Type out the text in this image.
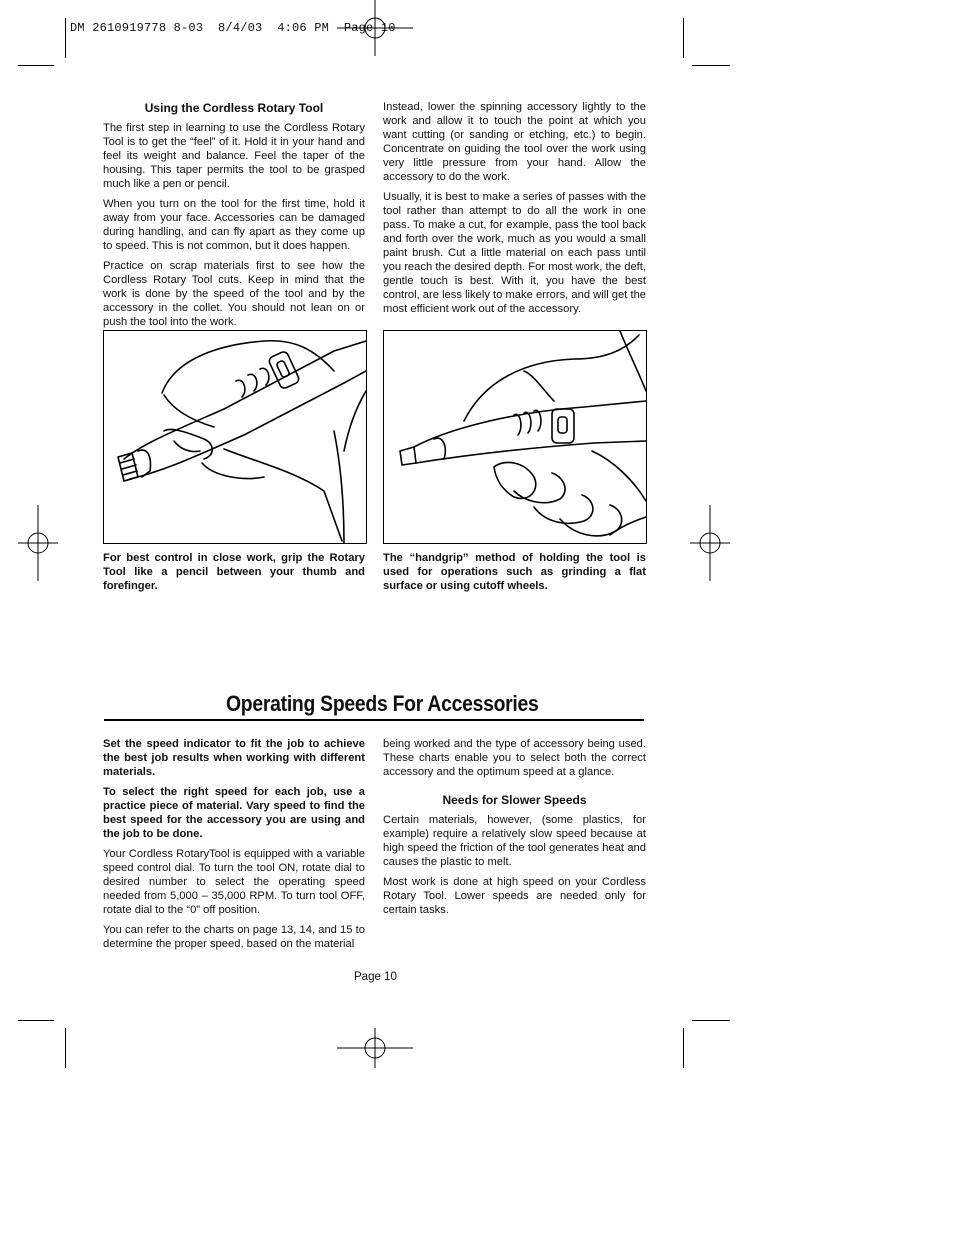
DM 2610919778 8-03  8/4/03  4:06 PM  Page 10

Using the Cordless Rotary Tool

The first step in learning to use the Cordless Rotary Tool is to get the “feel” of it. Hold it in your hand and feel its weight and balance. Feel the taper of the housing. This taper permits the tool to be grasped much like a pen or pencil.

When you turn on the tool for the first time, hold it away from your face. Accessories can be damaged during handling, and can fly apart as they come up to speed. This is not common, but it does happen.

Practice on scrap materials first to see how the Cordless Rotary Tool cuts. Keep in mind that the work is done by the speed of the tool and by the accessory in the collet. You should not lean on or push the tool into the work.

Instead, lower the spinning accessory lightly to the work and allow it to touch the point at which you want cutting (or sanding or etching, etc.) to begin. Concentrate on guiding the tool over the work using very little pressure from your hand. Allow the accessory to do the work.

Usually, it is best to make a series of passes with the tool rather than attempt to do all the work in one pass. To make a cut, for example, pass the tool back and forth over the work, much as you would a small paint brush. Cut a little material on each pass until you reach the desired depth. For most work, the deft, gentle touch is best. With it, you have the best control, are less likely to make errors, and will get the most efficient work out of the accessory.

For best control in close work, grip the Rotary Tool like a pencil between your thumb and forefinger.
The “handgrip” method of holding the tool is used for operations such as grinding a flat surface or using cutoff wheels.
Operating Speeds For Accessories

Set the speed indicator to fit the job to achieve the best job results when working with different materials.

To select the right speed for each job, use a practice piece of material. Vary speed to find the best speed for the accessory you are using and the job to be done.

Your Cordless RotaryTool is equipped with a variable speed control dial. To turn the tool ON, rotate dial to desired number to select the operating speed needed from 5,000 – 35,000 RPM. To turn tool OFF, rotate dial to the “0” off position.

You can refer to the charts on page 13, 14, and 15 to determine the proper speed, based on the material

being worked and the type of accessory being used. These charts enable you to select both the correct accessory and the optimum speed at a glance.

Needs for Slower Speeds

Certain materials, however, (some plastics, for example) require a relatively slow speed because at high speed the friction of the tool generates heat and causes the plastic to melt.

Most work is done at high speed on your Cordless Rotary Tool. Lower speeds are needed only for certain tasks.

Page 10
